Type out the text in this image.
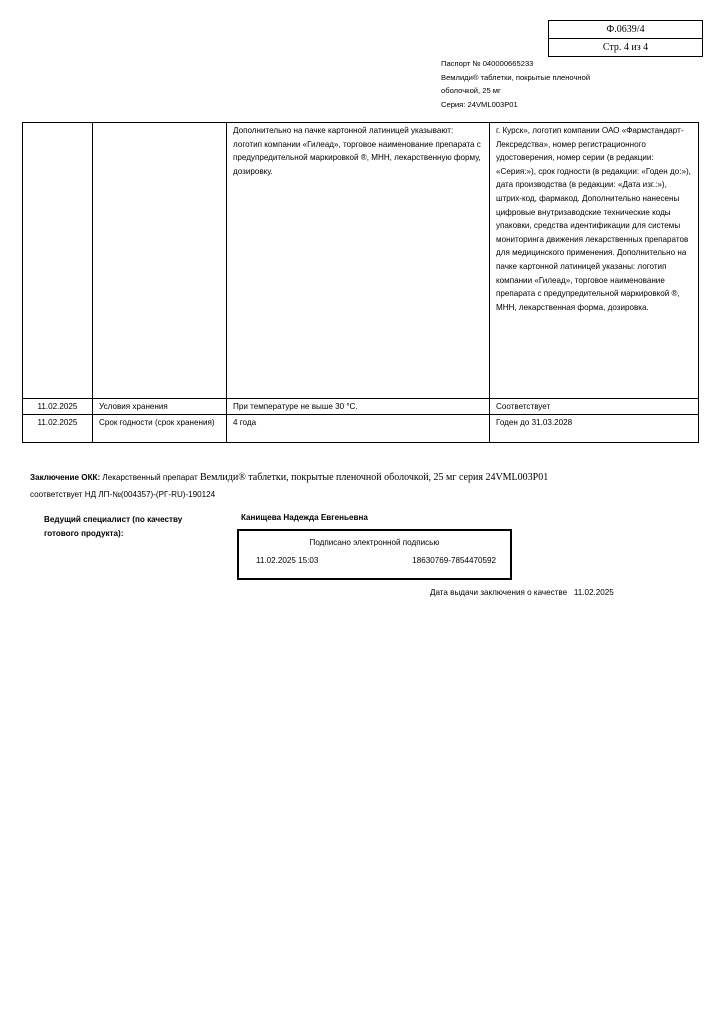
Ф.0639/4
Стр. 4 из 4
Паспорт № 040000665233
Вемлиди® таблетки, покрытые пленочной
оболочкой, 25 мг
Серия: 24VML003P01
		Дополнительно на пачке картонной латиницей указывают: логотип компании «Гилеад», торговое наименование препарата с предупредительной маркировкой ®, МНН, лекарственную форму, дозировку.	г. Курск», логотип компании ОАО «Фармстандарт-Лексредства», номер регистрационного удостоверения, номер серии (в редакции: «Серия:»), срок годности (в редакции: «Годен до:»), дата производства (в редакции: «Дата изг.:»), штрих-код, фармакод. Дополнительно нанесены цифровые внутризаводские технические коды упаковки, средства идентификации для системы мониторинга движения лекарственных препаратов для медицинского применения. Дополнительно на пачке картонной латиницей указаны: логотип компании «Гилеад», торговое наименование препарата с предупредительной маркировкой ®, МНН, лекарственная форма, дозировка.
11.02.2025	Условия хранения	При температуре не выше 30 °С.	Соответствует
11.02.2025	Срок годности (срок хранения)	4 года	Годен до 31.03.2028
Заключение ОКК: Лекарственный препарат Вемлиди® таблетки, покрытые пленочной оболочкой, 25 мг серия 24VML003P01
соответствует НД ЛП-№(004357)-(РГ-RU)-190124
Ведущий специалист (по качеству
готового продукта):
Канищева Надежда Евгеньевна
Подписано электронной подписью
11.02.2025 15:03	18630769-7854470592
Дата выдачи заключения о качестве 11.02.2025
